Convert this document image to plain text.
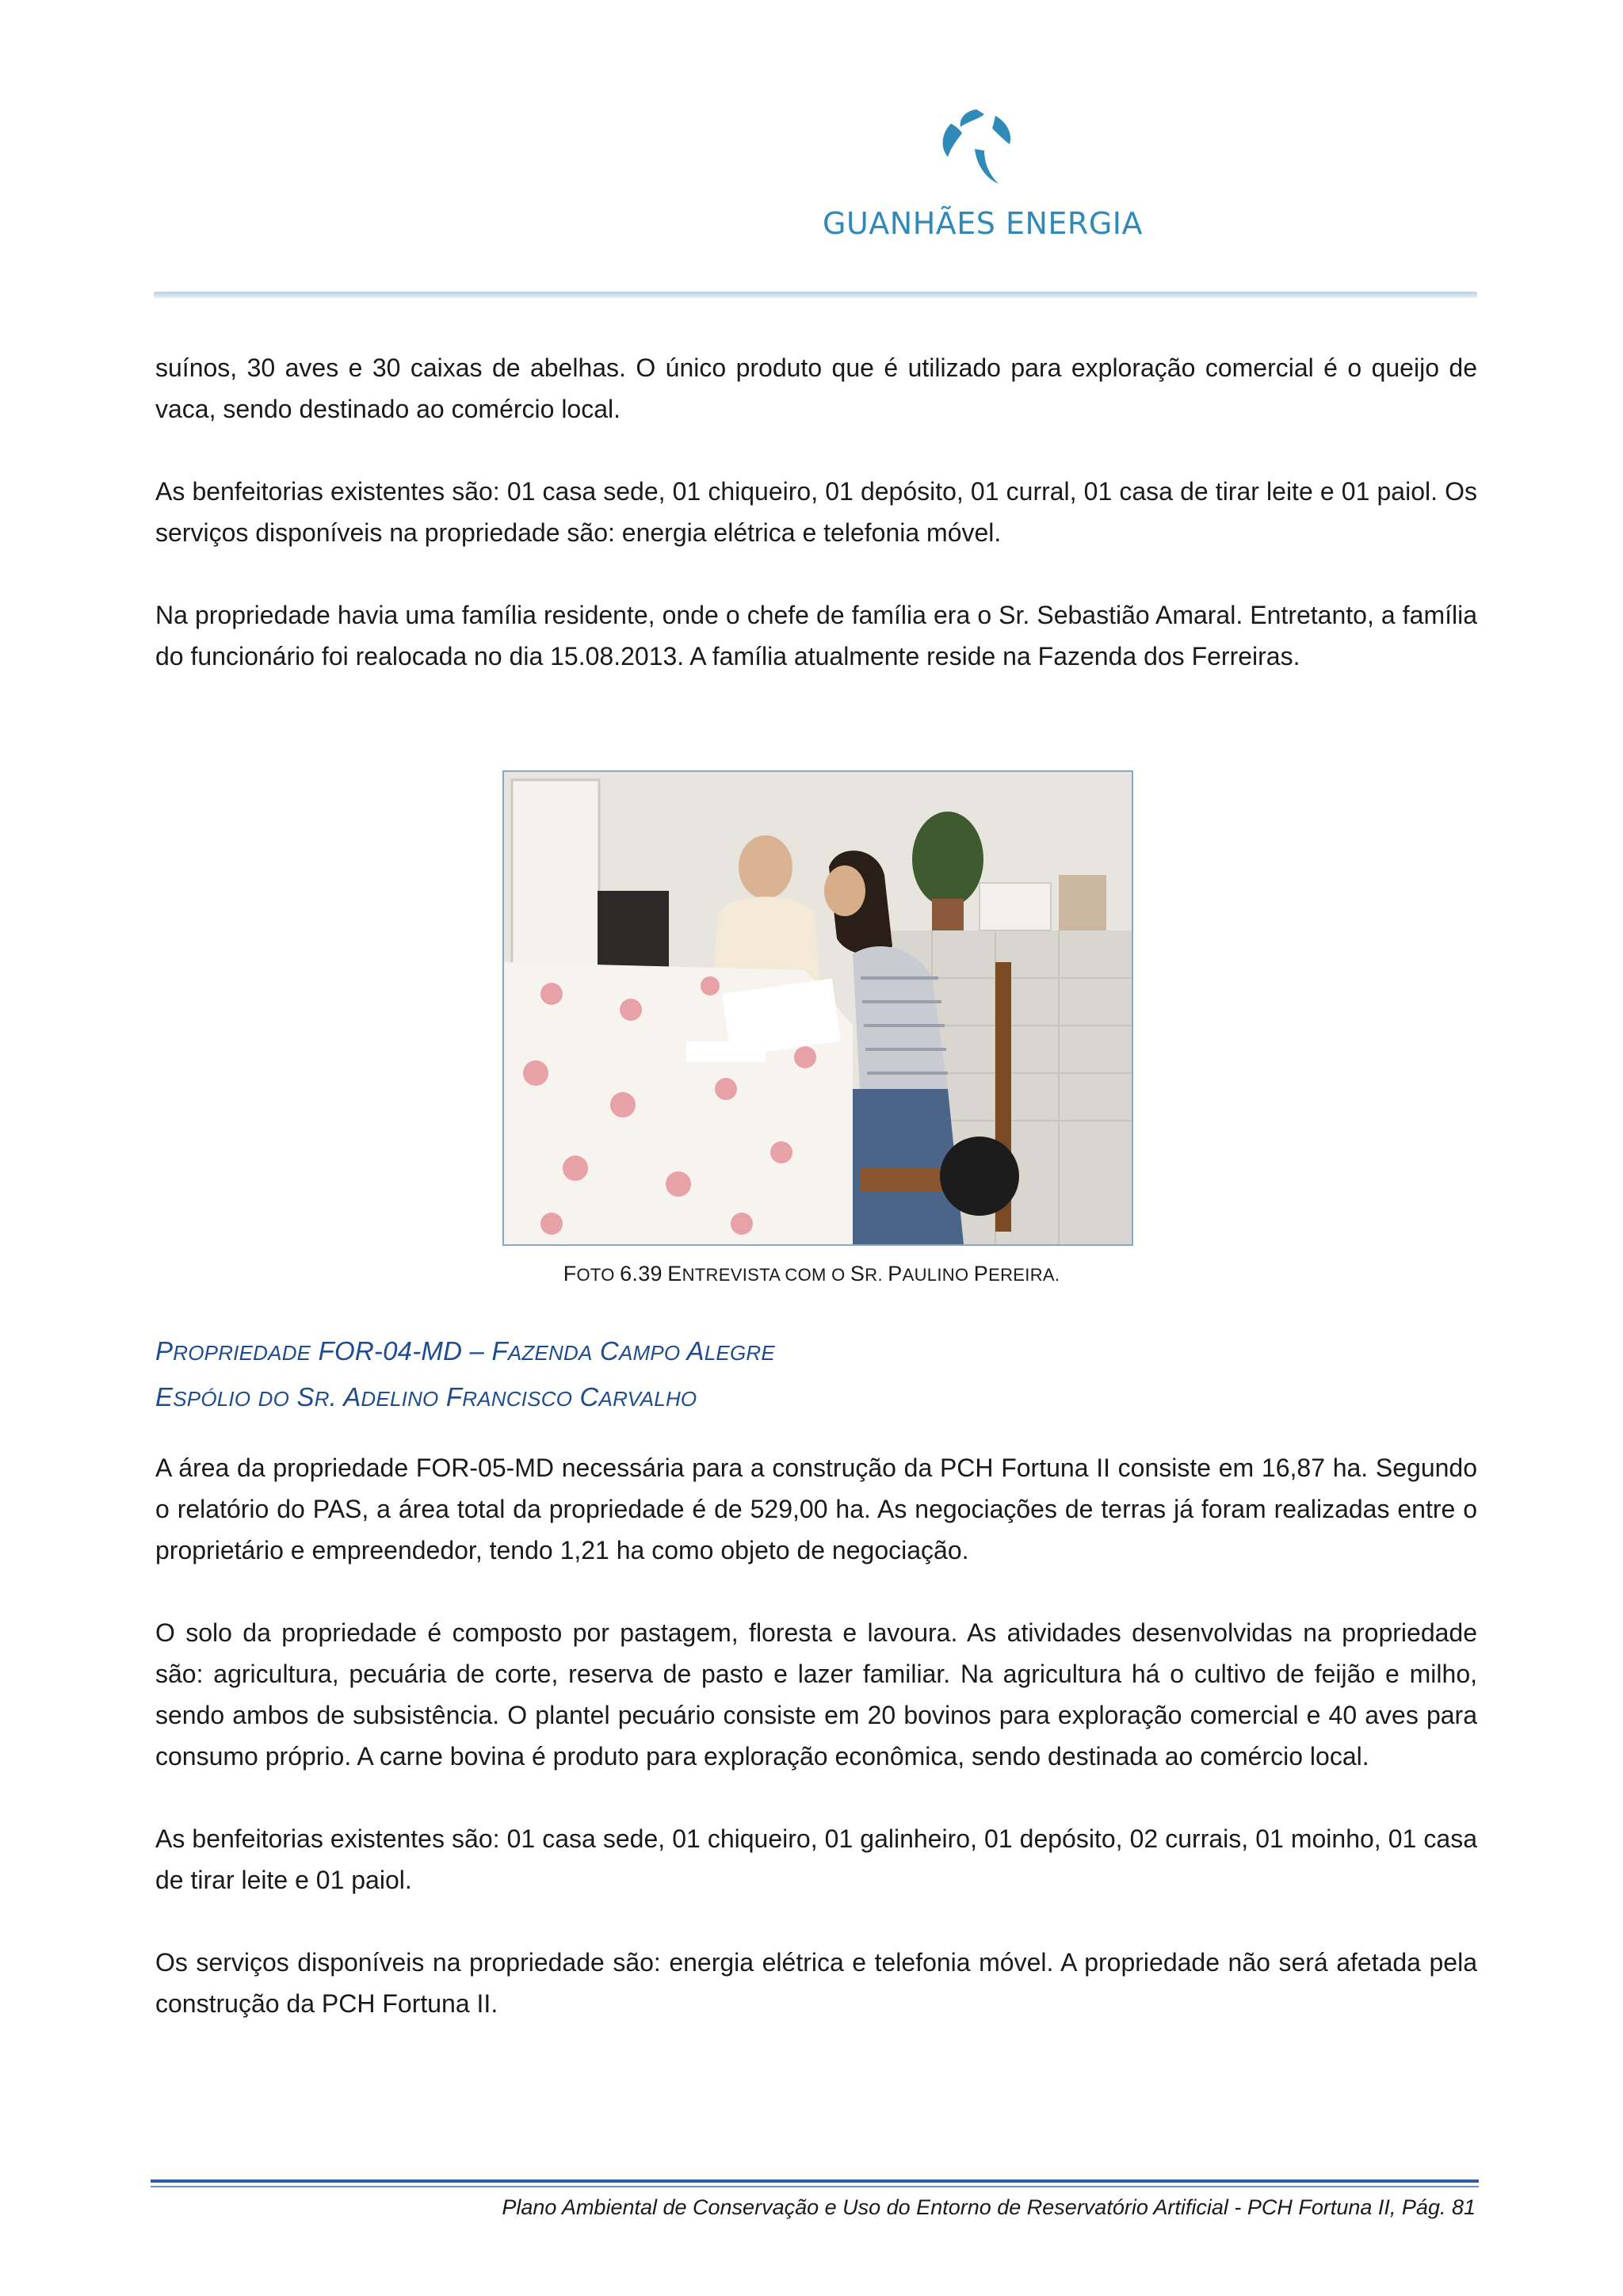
GUANHÃES ENERGIA

suínos, 30 aves e 30 caixas de abelhas. O único produto que é utilizado para exploração comercial é o queijo de vaca, sendo destinado ao comércio local.

As benfeitorias existentes são: 01 casa sede, 01 chiqueiro, 01 depósito, 01 curral, 01 casa de tirar leite e 01 paiol. Os serviços disponíveis na propriedade são: energia elétrica e telefonia móvel.

Na propriedade havia uma família residente, onde o chefe de família era o Sr. Sebastião Amaral. Entretanto, a família do funcionário foi realocada no dia 15.08.2013. A família atualmente reside na Fazenda dos Ferreiras.

FOTO 6.39 ENTREVISTA COM O SR. PAULINO PEREIRA.
PROPRIEDADE FOR-04-MD – FAZENDA CAMPO ALEGRE
ESPÓLIO DO SR. ADELINO FRANCISCO CARVALHO

A área da propriedade FOR-05-MD necessária para a construção da PCH Fortuna II consiste em 16,87 ha. Segundo o relatório do PAS, a área total da propriedade é de 529,00 ha. As negociações de terras já foram realizadas entre o proprietário e empreendedor, tendo 1,21 ha como objeto de negociação.

O solo da propriedade é composto por pastagem, floresta e lavoura. As atividades desenvolvidas na propriedade são: agricultura, pecuária de corte, reserva de pasto e lazer familiar. Na agricultura há o cultivo de feijão e milho, sendo ambos de subsistência. O plantel pecuário consiste em 20 bovinos para exploração comercial e 40 aves para consumo próprio. A carne bovina é produto para exploração econômica, sendo destinada ao comércio local.

As benfeitorias existentes são: 01 casa sede, 01 chiqueiro, 01 galinheiro, 01 depósito, 02 currais, 01 moinho, 01 casa de tirar leite e 01 paiol.

Os serviços disponíveis na propriedade são: energia elétrica e telefonia móvel. A propriedade não será afetada pela construção da PCH Fortuna II.

Plano Ambiental de Conservação e Uso do Entorno de Reservatório Artificial - PCH Fortuna II, Pág. 81
